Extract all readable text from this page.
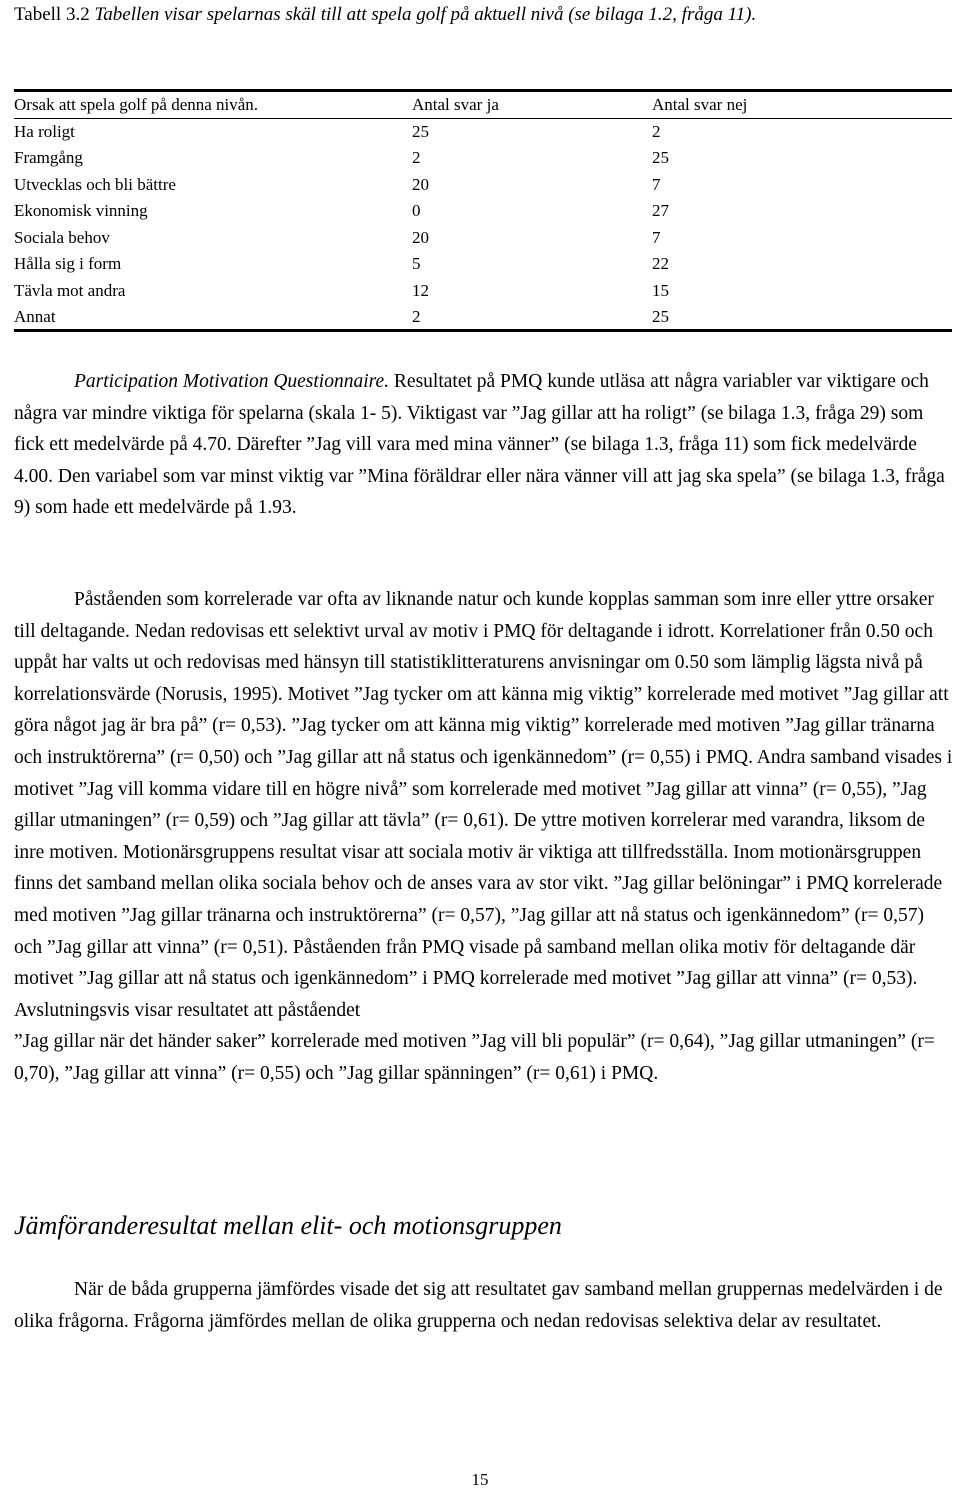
Tabell 3.2 Tabellen visar spelarnas skäl till att spela golf på aktuell nivå (se bilaga 1.2, fråga 11).

Orsak att spela golf på denna nivån.	Antal svar ja	Antal svar nej
Ha roligt	25	2
Framgång	2	25
Utvecklas och bli bättre	20	7
Ekonomisk vinning	0	27
Sociala behov	20	7
Hålla sig i form	5	22
Tävla mot andra	12	15
Annat	2	25

Participation Motivation Questionnaire. Resultatet på PMQ kunde utläsa att några variabler var viktigare och några var mindre viktiga för spelarna (skala 1- 5). Viktigast var ”Jag gillar att ha roligt” (se bilaga 1.3, fråga 29) som fick ett medelvärde på 4.70. Därefter ”Jag vill vara med mina vänner” (se bilaga 1.3, fråga 11) som fick medelvärde 4.00. Den variabel som var minst viktig var ”Mina föräldrar eller nära vänner vill att jag ska spela” (se bilaga 1.3, fråga 9) som hade ett medelvärde på 1.93.

Påståenden som korrelerade var ofta av liknande natur och kunde kopplas samman som inre eller yttre orsaker till deltagande. Nedan redovisas ett selektivt urval av motiv i PMQ för deltagande i idrott. Korrelationer från 0.50 och uppåt har valts ut och redovisas med hänsyn till statistiklitteraturens anvisningar om 0.50 som lämplig lägsta nivå på korrelationsvärde (Norusis, 1995). Motivet ”Jag tycker om att känna mig viktig” korrelerade med motivet ”Jag gillar att göra något jag är bra på” (r= 0,53). ”Jag tycker om att känna mig viktig” korrelerade med motiven ”Jag gillar tränarna och instruktörerna” (r= 0,50) och ”Jag gillar att nå status och igenkännedom” (r= 0,55) i PMQ. Andra samband visades i motivet ”Jag vill komma vidare till en högre nivå” som korrelerade med motivet ”Jag gillar att vinna” (r= 0,55), ”Jag gillar utmaningen” (r= 0,59) och ”Jag gillar att tävla” (r= 0,61). De yttre motiven korrelerar med varandra, liksom de inre motiven. Motionärsgruppens resultat visar att sociala motiv är viktiga att tillfredsställa. Inom motionärsgruppen finns det samband mellan olika sociala behov och de anses vara av stor vikt. ”Jag gillar belöningar” i PMQ korrelerade med motiven ”Jag gillar tränarna och instruktörerna” (r= 0,57), ”Jag gillar att nå status och igenkännedom” (r= 0,57) och ”Jag gillar att vinna” (r= 0,51). Påståenden från PMQ visade på samband mellan olika motiv för deltagande där motivet ”Jag gillar att nå status och igenkännedom” i PMQ korrelerade med motivet ”Jag gillar att vinna” (r= 0,53). Avslutningsvis visar resultatet att påståendet
”Jag gillar när det händer saker” korrelerade med motiven ”Jag vill bli populär” (r= 0,64), ”Jag gillar utmaningen” (r= 0,70), ”Jag gillar att vinna” (r= 0,55) och ”Jag gillar spänningen” (r= 0,61) i PMQ.

Jämföranderesultat mellan elit- och motionsgruppen

När de båda grupperna jämfördes visade det sig att resultatet gav samband mellan gruppernas medelvärden i de olika frågorna. Frågorna jämfördes mellan de olika grupperna och nedan redovisas selektiva delar av resultatet.

15
